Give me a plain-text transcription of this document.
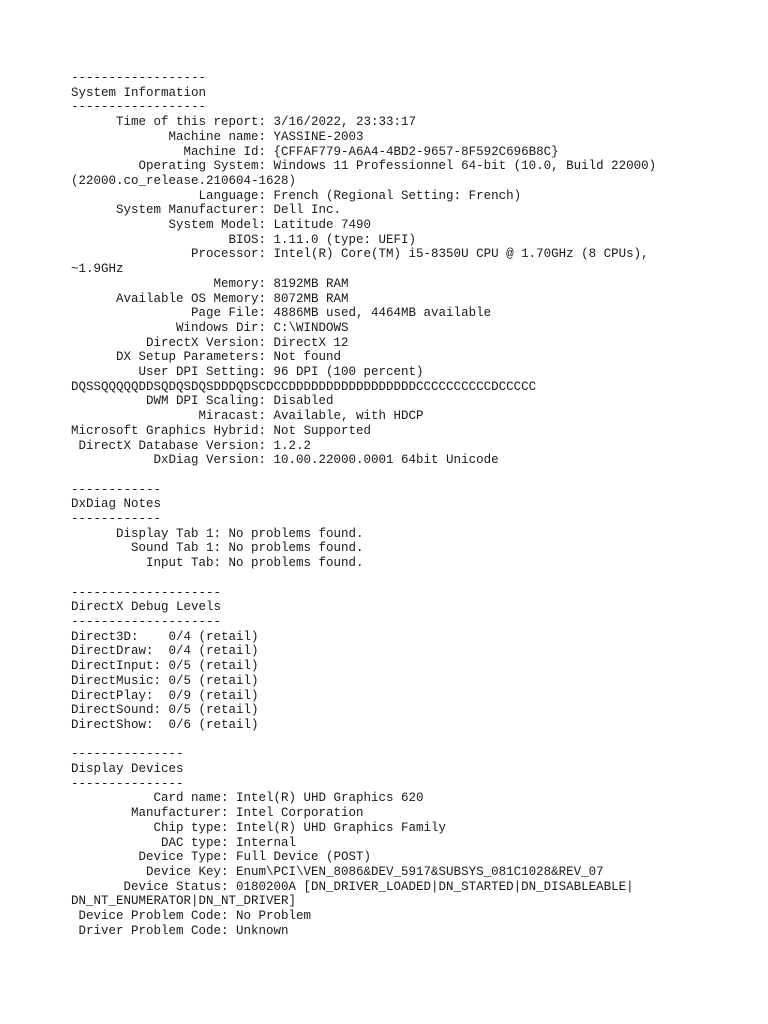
------------------
System Information
------------------
Time of this report: 3/16/2022, 23:33:17
Machine name: YASSINE-2003
Machine Id: {CFFAF779-A6A4-4BD2-9657-8F592C696B8C}
Operating System: Windows 11 Professionnel 64-bit (10.0, Build 22000)
(22000.co_release.210604-1628)
Language: French (Regional Setting: French)
System Manufacturer: Dell Inc.
System Model: Latitude 7490
BIOS: 1.11.0 (type: UEFI)
Processor: Intel(R) Core(TM) i5-8350U CPU @ 1.70GHz (8 CPUs),
~1.9GHz
Memory: 8192MB RAM
Available OS Memory: 8072MB RAM
Page File: 4886MB used, 4464MB available
Windows Dir: C:\WINDOWS
DirectX Version: DirectX 12
DX Setup Parameters: Not found
User DPI Setting: 96 DPI (100 percent)
DQSSQQQQQDDSQDQSDQSDDDQDSCDCCDDDDDDDDDDDDDDDDDCCCCCCCCCCDCCCCC
DWM DPI Scaling: Disabled
Miracast: Available, with HDCP
Microsoft Graphics Hybrid: Not Supported
DirectX Database Version: 1.2.2
DxDiag Version: 10.00.22000.0001 64bit Unicode
------------
DxDiag Notes
------------
Display Tab 1: No problems found.
Sound Tab 1: No problems found.
Input Tab: No problems found.
--------------------
DirectX Debug Levels
--------------------
Direct3D:    0/4 (retail)
DirectDraw:  0/4 (retail)
DirectInput: 0/5 (retail)
DirectMusic: 0/5 (retail)
DirectPlay:  0/9 (retail)
DirectSound: 0/5 (retail)
DirectShow:  0/6 (retail)
---------------
Display Devices
---------------
Card name: Intel(R) UHD Graphics 620
Manufacturer: Intel Corporation
Chip type: Intel(R) UHD Graphics Family
DAC type: Internal
Device Type: Full Device (POST)
Device Key: Enum\PCI\VEN_8086&DEV_5917&SUBSYS_081C1028&REV_07
Device Status: 0180200A [DN_DRIVER_LOADED|DN_STARTED|DN_DISABLEABLE|
DN_NT_ENUMERATOR|DN_NT_DRIVER]
Device Problem Code: No Problem
Driver Problem Code: Unknown
